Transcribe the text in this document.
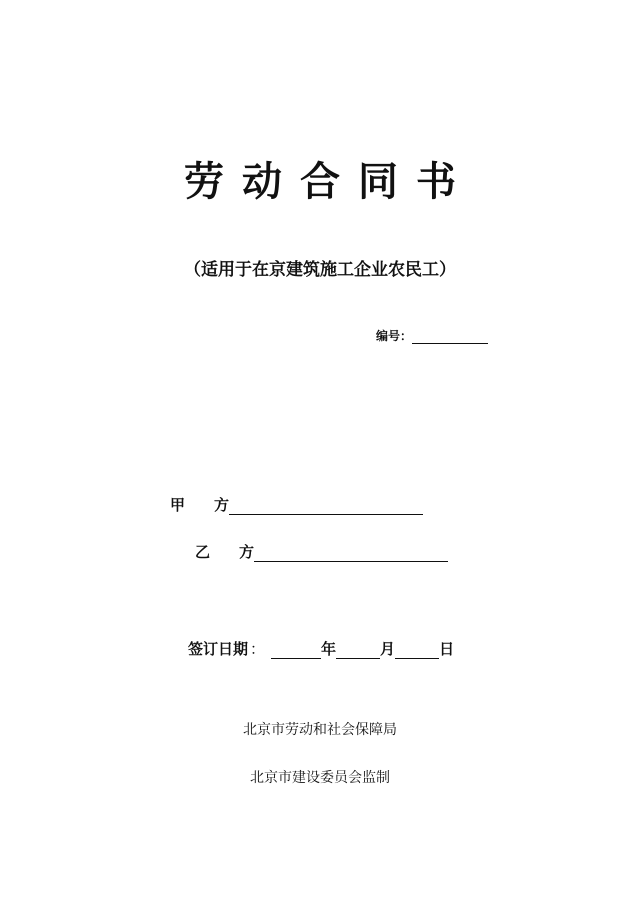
劳动合同书
（适用于在京建筑施工企业农民工）
编号：
甲	方
乙	方
签订日期 ：	年	月	日
北京市劳动和社会保障局
北京市建设委员会监制
